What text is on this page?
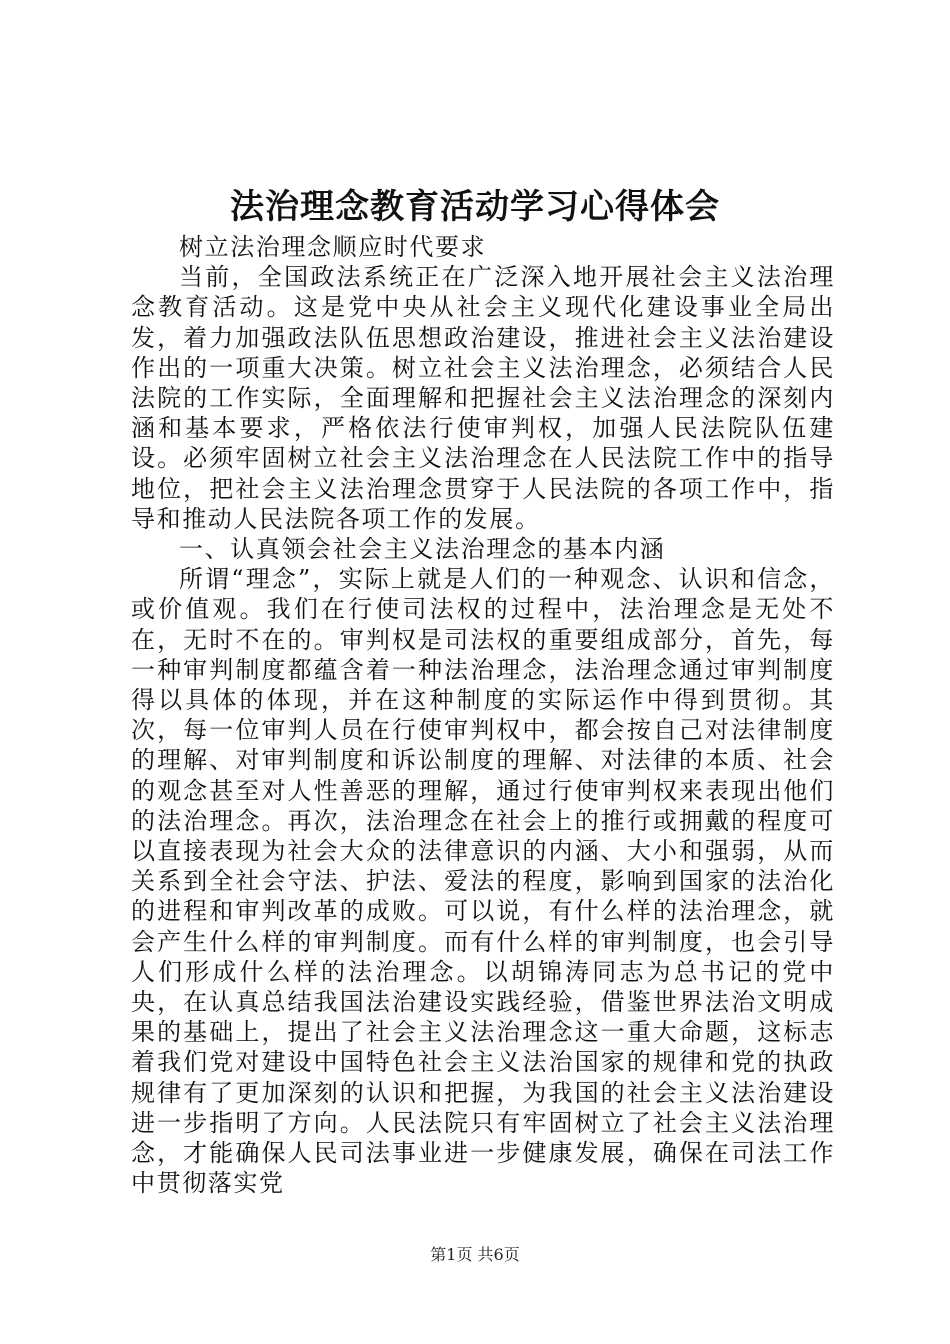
法治理念教育活动学习心得体会

树立法治理念顺应时代要求

当前，全国政法系统正在广泛深入地开展社会主义法治理念教育活动。这是党中央从社会主义现代化建设事业全局出发，着力加强政法队伍思想政治建设，推进社会主义法治建设作出的一项重大决策。树立社会主义法治理念，必须结合人民法院的工作实际，全面理解和把握社会主义法治理念的深刻内涵和基本要求，严格依法行使审判权，加强人民法院队伍建设。必须牢固树立社会主义法治理念在人民法院工作中的指导地位，把社会主义法治理念贯穿于人民法院的各项工作中，指导和推动人民法院各项工作的发展。

一、认真领会社会主义法治理念的基本内涵

所谓“理念”，实际上就是人们的一种观念、认识和信念，或价值观。我们在行使司法权的过程中，法治理念是无处不在，无时不在的。审判权是司法权的重要组成部分，首先，每一种审判制度都蕴含着一种法治理念，法治理念通过审判制度得以具体的体现，并在这种制度的实际运作中得到贯彻。其次，每一位审判人员在行使审判权中，都会按自己对法律制度的理解、对审判制度和诉讼制度的理解、对法律的本质、社会的观念甚至对人性善恶的理解，通过行使审判权来表现出他们的法治理念。再次，法治理念在社会上的推行或拥戴的程度可以直接表现为社会大众的法律意识的内涵、大小和强弱，从而关系到全社会守法、护法、爱法的程度，影响到国家的法治化的进程和审判改革的成败。可以说，有什么样的法治理念，就会产生什么样的审判制度。而有什么样的审判制度，也会引导人们形成什么样的法治理念。以胡锦涛同志为总书记的党中央，在认真总结我国法治建设实践经验，借鉴世界法治文明成果的基础上，提出了社会主义法治理念这一重大命题，这标志着我们党对建设中国特色社会主义法治国家的规律和党的执政规律有了更加深刻的认识和把握，为我国的社会主义法治建设进一步指明了方向。人民法院只有牢固树立了社会主义法治理念，才能确保人民司法事业进一步健康发展，确保在司法工作中贯彻落实党

第1页 共6页
